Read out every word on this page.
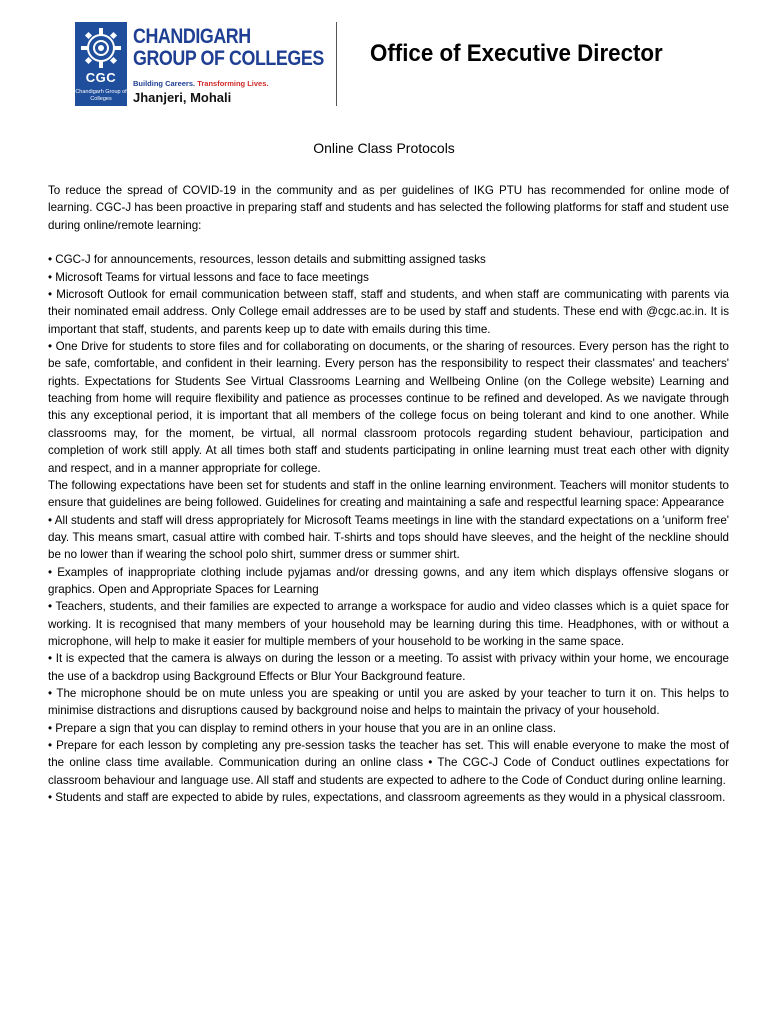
CGC
Chandigarh Group of Colleges
CHANDIGARH
GROUP OF COLLEGES
Building Careers. Transforming Lives.
Jhanjeri, Mohali
Office of Executive Director
Online Class Protocols

To reduce the spread of COVID-19 in the community and as per guidelines of IKG PTU has recommended for online mode of learning. CGC-J has been proactive in preparing staff and students and has selected the following platforms for staff and student use during online/remote learning:

• CGC-J for announcements, resources, lesson details and submitting assigned tasks

• Microsoft Teams for virtual lessons and face to face meetings

• Microsoft Outlook for email communication between staff, staff and students, and when staff are communicating with parents via their nominated email address. Only College email addresses are to be used by staff and students. These end with @cgc.ac.in. It is important that staff, students, and parents keep up to date with emails during this time.

• One Drive for students to store files and for collaborating on documents, or the sharing of resources. Every person has the right to be safe, comfortable, and confident in their learning. Every person has the responsibility to respect their classmates' and teachers' rights. Expectations for Students See Virtual Classrooms Learning and Wellbeing Online (on the College website) Learning and teaching from home will require flexibility and patience as processes continue to be refined and developed. As we navigate through this any exceptional period, it is important that all members of the college focus on being tolerant and kind to one another. While classrooms may, for the moment, be virtual, all normal classroom protocols regarding student behaviour, participation and completion of work still apply. At all times both staff and students participating in online learning must treat each other with dignity and respect, and in a manner appropriate for college.

The following expectations have been set for students and staff in the online learning environment. Teachers will monitor students to ensure that guidelines are being followed. Guidelines for creating and maintaining a safe and respectful learning space: Appearance

• All students and staff will dress appropriately for Microsoft Teams meetings in line with the standard expectations on a 'uniform free' day. This means smart, casual attire with combed hair. T-shirts and tops should have sleeves, and the height of the neckline should be no lower than if wearing the school polo shirt, summer dress or summer shirt.

• Examples of inappropriate clothing include pyjamas and/or dressing gowns, and any item which displays offensive slogans or graphics. Open and Appropriate Spaces for Learning

• Teachers, students, and their families are expected to arrange a workspace for audio and video classes which is a quiet space for working. It is recognised that many members of your household may be learning during this time. Headphones, with or without a microphone, will help to make it easier for multiple members of your household to be working in the same space.

• It is expected that the camera is always on during the lesson or a meeting. To assist with privacy within your home, we encourage the use of a backdrop using Background Effects or Blur Your Background feature.

• The microphone should be on mute unless you are speaking or until you are asked by your teacher to turn it on. This helps to minimise distractions and disruptions caused by background noise and helps to maintain the privacy of your household.

• Prepare a sign that you can display to remind others in your house that you are in an online class.

• Prepare for each lesson by completing any pre-session tasks the teacher has set. This will enable everyone to make the most of the online class time available. Communication during an online class • The CGC-J Code of Conduct outlines expectations for classroom behaviour and language use. All staff and students are expected to adhere to the Code of Conduct during online learning.

• Students and staff are expected to abide by rules, expectations, and classroom agreements as they would in a physical classroom.
